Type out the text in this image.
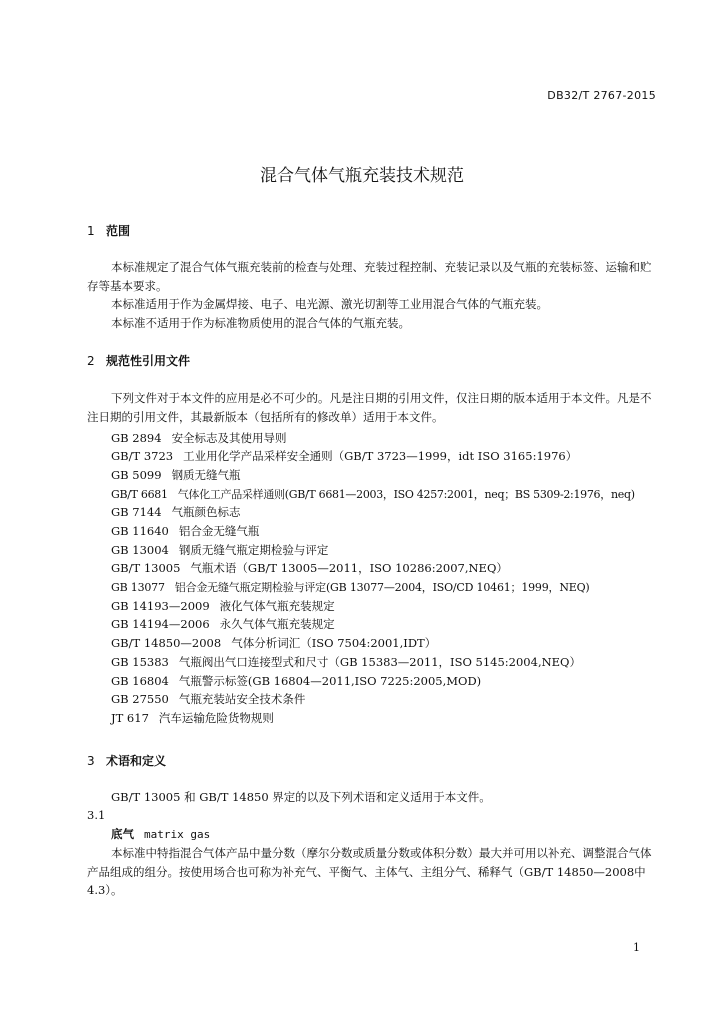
DB32/T 2767-2015
混合气体气瓶充装技术规范
1 范围

本标准规定了混合气体气瓶充装前的检查与处理、充装过程控制、充装记录以及气瓶的充装标签、运输和贮存等基本要求。

本标准适用于作为金属焊接、电子、电光源、激光切割等工业用混合气体的气瓶充装。

本标准不适用于作为标准物质使用的混合气体的气瓶充装。

2 规范性引用文件

下列文件对于本文件的应用是必不可少的。凡是注日期的引用文件，仅注日期的版本适用于本文件。凡是不注日期的引用文件，其最新版本（包括所有的修改单）适用于本文件。

GB 2894 安全标志及其使用导则
GB/T 3723 工业用化学产品采样安全通则（GB/T 3723—1999，idt ISO 3165:1976）
GB 5099 钢质无缝气瓶
GB/T 6681 气体化工产品采样通则(GB/T 6681—2003，ISO 4257:2001，neq；BS 5309-2:1976，neq)
GB 7144 气瓶颜色标志
GB 11640 铝合金无缝气瓶
GB 13004 钢质无缝气瓶定期检验与评定
GB/T 13005 气瓶术语（GB/T 13005—2011，ISO 10286:2007,NEQ）
GB 13077 铝合金无缝气瓶定期检验与评定(GB 13077—2004，ISO/CD 10461；1999，NEQ)
GB 14193—2009 液化气体气瓶充装规定
GB 14194—2006 永久气体气瓶充装规定
GB/T 14850—2008 气体分析词汇（ISO 7504:2001,IDT）
GB 15383 气瓶阀出气口连接型式和尺寸（GB 15383—2011，ISO 5145:2004,NEQ）
GB 16804 气瓶警示标签(GB 16804—2011,ISO 7225:2005,MOD)
GB 27550 气瓶充装站安全技术条件
JT 617 汽车运输危险货物规则
3 术语和定义
GB/T 13005 和 GB/T 14850 界定的以及下列术语和定义适用于本文件。
3.1
底气 matrix gas

本标准中特指混合气体产品中量分数（摩尔分数或质量分数或体积分数）最大并可用以补充、调整混合气体产品组成的组分。按使用场合也可称为补充气、平衡气、主体气、主组分气、稀释气（GB/T 14850—2008中4.3）。

1
